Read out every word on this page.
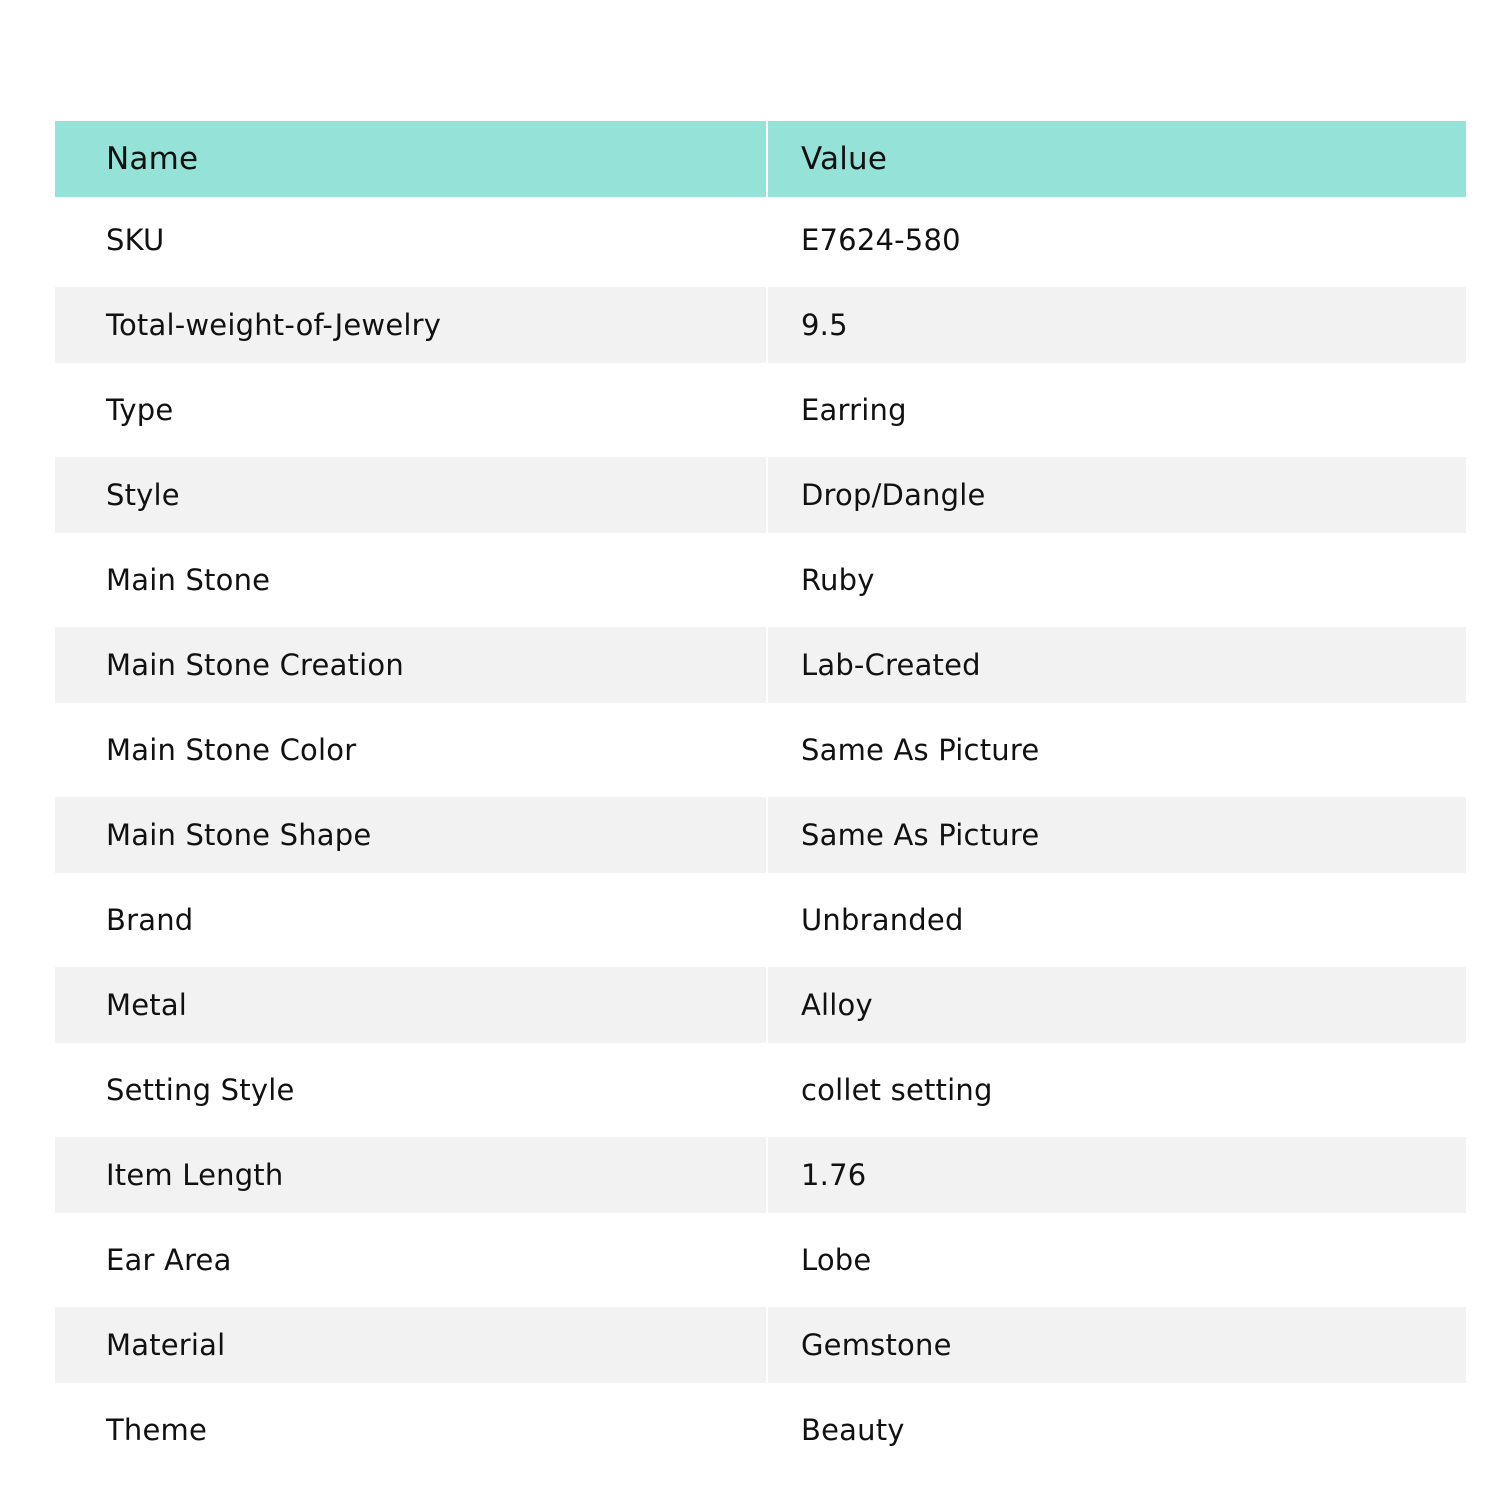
Name	Value
SKU	E7624-580
Total-weight-of-Jewelry	9.5
Type	Earring
Style	Drop/Dangle
Main Stone	Ruby
Main Stone Creation	Lab-Created
Main Stone Color	Same As Picture
Main Stone Shape	Same As Picture
Brand	Unbranded
Metal	Alloy
Setting Style	collet setting
Item Length	1.76
Ear Area	Lobe
Material	Gemstone
Theme	Beauty
